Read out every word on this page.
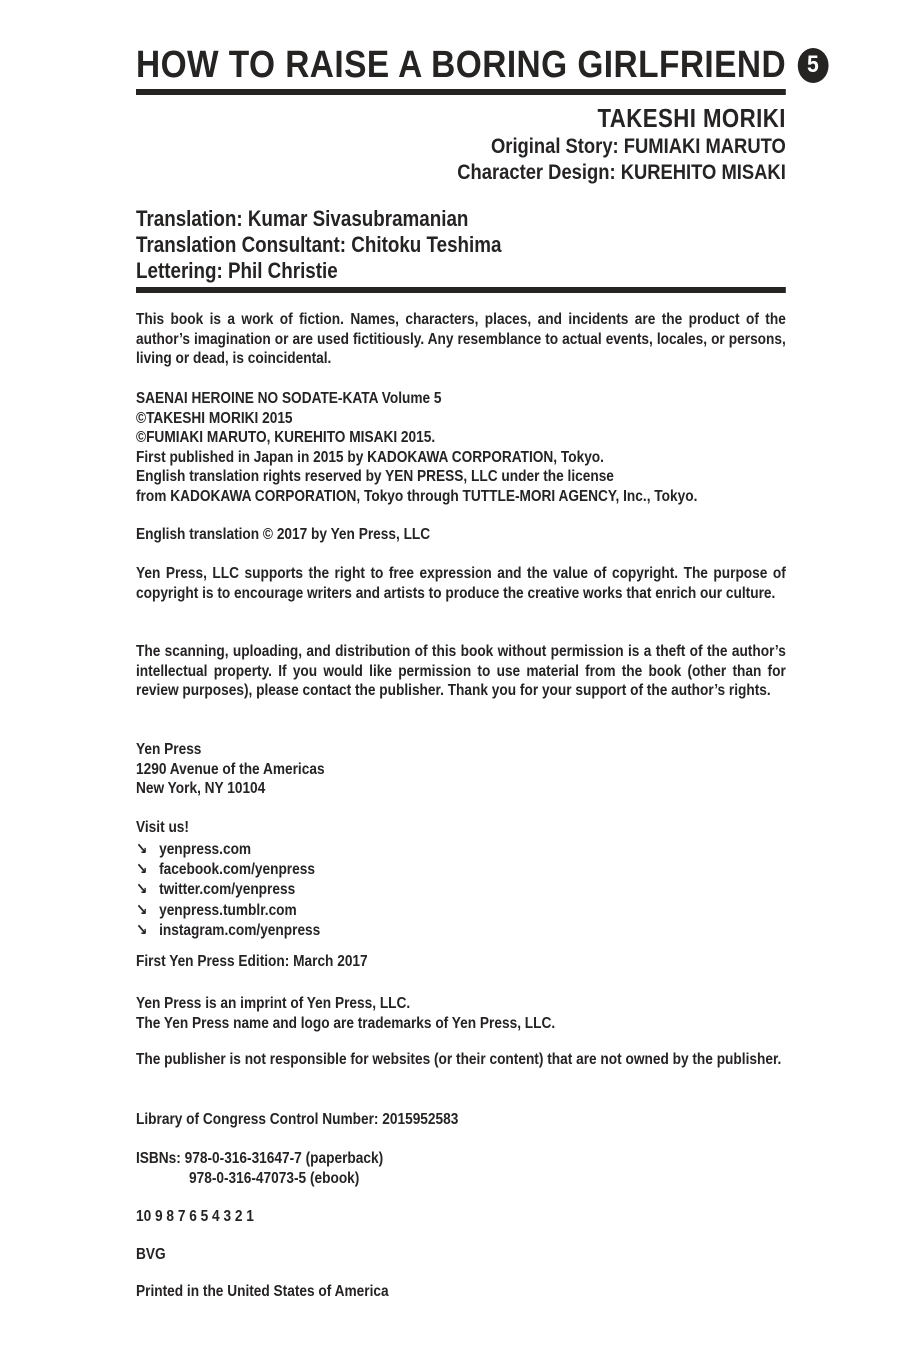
HOW TO RAISE A BORING GIRLFRIEND 5
TAKESHI MORIKI
Original Story: FUMIAKI MARUTO
Character Design: KUREHITO MISAKI
Translation: Kumar Sivasubramanian
Translation Consultant: Chitoku Teshima
Lettering: Phil Christie
This book is a work of fiction. Names, characters, places, and incidents are the product of the author’s imagination or are used fictitiously. Any resemblance to actual events, locales, or persons, living or dead, is coincidental.
SAENAI HEROINE NO SODATE-KATA Volume 5
©TAKESHI MORIKI 2015
©FUMIAKI MARUTO, KUREHITO MISAKI 2015.
First published in Japan in 2015 by KADOKAWA CORPORATION, Tokyo.
English translation rights reserved by YEN PRESS, LLC under the license
from KADOKAWA CORPORATION, Tokyo through TUTTLE-MORI AGENCY, Inc., Tokyo.
English translation © 2017 by Yen Press, LLC
Yen Press, LLC supports the right to free expression and the value of copyright. The purpose of copyright is to encourage writers and artists to produce the creative works that enrich our culture.
The scanning, uploading, and distribution of this book without permission is a theft of the author’s intellectual property. If you would like permission to use material from the book (other than for review purposes), please contact the publisher. Thank you for your support of the author’s rights.
Yen Press
1290 Avenue of the Americas
New York, NY 10104
Visit us!
↘ yenpress.com
↘ facebook.com/yenpress
↘ twitter.com/yenpress
↘ yenpress.tumblr.com
↘ instagram.com/yenpress
First Yen Press Edition: March 2017
Yen Press is an imprint of Yen Press, LLC.
The Yen Press name and logo are trademarks of Yen Press, LLC.
The publisher is not responsible for websites (or their content) that are not owned by the publisher.
Library of Congress Control Number: 2015952583
ISBNs: 978-0-316-31647-7 (paperback)
978-0-316-47073-5 (ebook)
10 9 8 7 6 5 4 3 2 1
BVG
Printed in the United States of America
